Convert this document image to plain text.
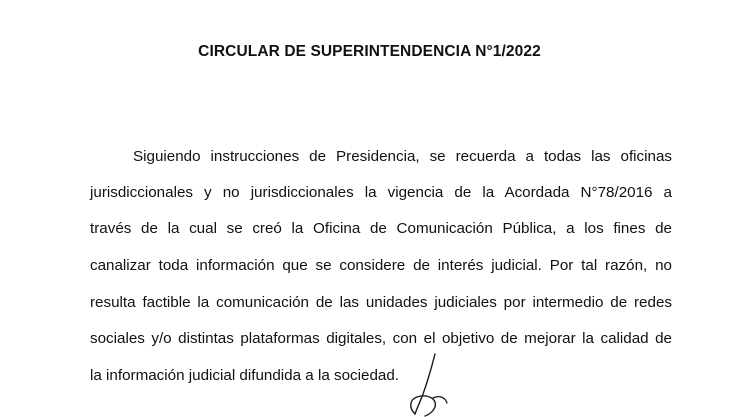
CIRCULAR DE SUPERINTENDENCIA N°1/2022
Siguiendo instrucciones de Presidencia, se recuerda a todas las oficinas
jurisdiccionales y no jurisdiccionales la vigencia de la Acordada N°78/2016 a
través de la cual se creó la Oficina de Comunicación Pública, a los fines de
canalizar toda información que se considere de interés judicial. Por tal razón, no
resulta factible la comunicación de las unidades judiciales por intermedio de redes
sociales y/o distintas plataformas digitales, con el objetivo de mejorar la calidad de
la información judicial difundida a la sociedad.
